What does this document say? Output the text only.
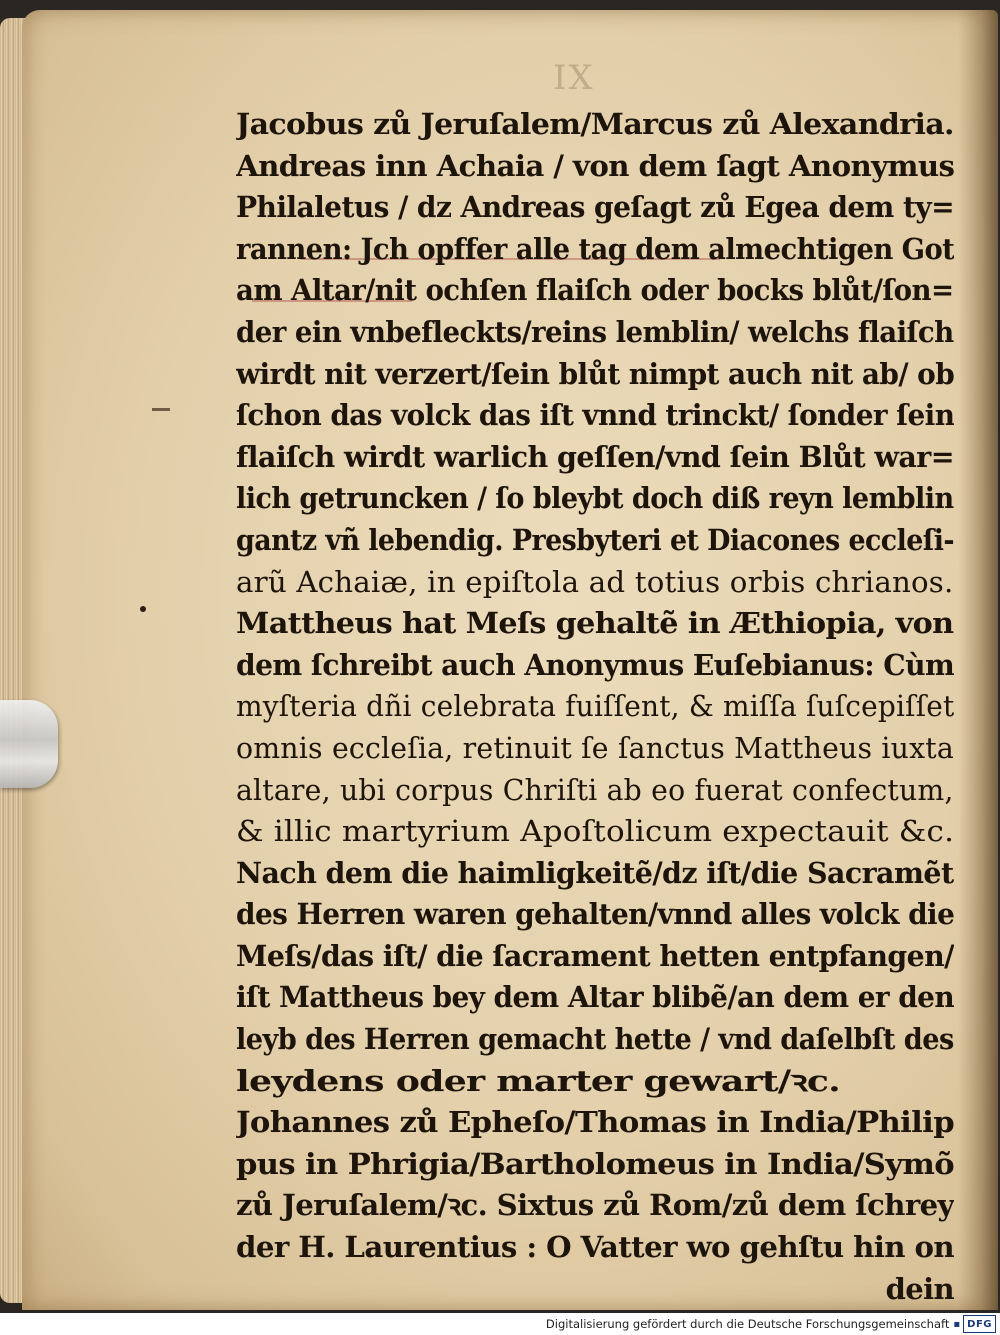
IX
Jacobus zů Jeruſalem/Marcus zů Alexandria.
Andreas inn Achaia / von dem ſagt Anonymus
Philaletus / dz Andreas geſagt zů Egea dem ty=
rannen: Jch opffer alle tag dem almechtigen Got
am Altar/nit ochſen flaiſch oder bocks blůt/ſon=
der ein vnbefleckts/reins lemblin/ welchs flaiſch
wirdt nit verzert/ſein blůt nimpt auch nit ab/ ob
ſchon das volck das iſt vnnd trinckt/ ſonder ſein
flaiſch wirdt warlich geſſen/vnd ſein Blůt war=
lich getruncken / ſo bleybt doch diß reyn lemblin
gantz vñ lebendig. Presbyteri et Diacones eccleſi-
arũ Achaiæ, in epiſtola ad totius orbis chrianos.
Mattheus hat Meſs gehaltẽ in Æthiopia, von
dem ſchreibt auch Anonymus Euſebianus: Cùm
myſteria dñi celebrata fuiſſent, & miſſa ſuſcepiſſet
omnis eccleſia, retinuit ſe ſanctus Mattheus iuxta
altare, ubi corpus Chriſti ab eo fuerat confectum,
& illic martyrium Apoſtolicum expectauit &c.
Nach dem die haimligkeitẽ/dz iſt/die Sacramẽt
des Herren waren gehalten/vnnd alles volck die
Meſs/das iſt/ die ſacrament hetten entpfangen/
iſt Mattheus bey dem Altar blibẽ/an dem er den
leyb des Herren gemacht hette / vnd daſelbſt des
leydens oder marter gewart/ꝛc.
Johannes zů Epheſo/Thomas in India/Philip
pus in Phrigia/Bartholomeus in India/Symõ
zů Jeruſalem/ꝛc. Sixtus zů Rom/zů dem ſchrey
der H. Laurentius : O Vatter wo gehſtu hin on
dein
Digitalisierung gefördert durch die Deutsche Forschungsgemeinschaft ▪ DFG
